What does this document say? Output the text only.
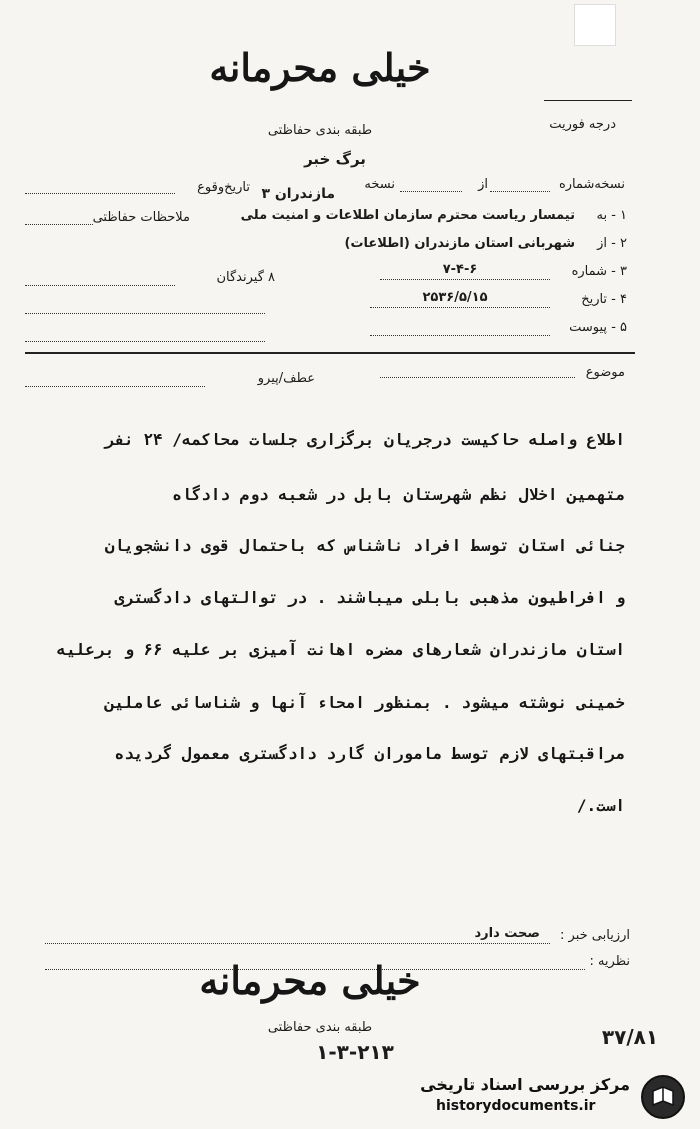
خیلی محرمانه
درجه فوریت
طبقه بندی حفاظتی
برگ خبر
نسخه‌شماره
از
نسخه
تاریخ‌وقوع
۱ - به
تیمسار ریاست محترم سازمان اطلاعات و امنیت ملی
مازندران ۳
ملاحظات حفاظتی
۲ - از
شهربانی استان مازندران (اطلاعات)
۳ - شماره
۷-۴-۶
۸ گیرندگان
۴ - تاریخ
۲۵۳۶/۵/۱۵
۵ - پیوست
موضوع
عطف/پیرو
اطلاع واصله حاکیست درجریان برگزاری جلسات محاکمه/ ۲۴ نفر
متهمین اخلال نظم شهرستان بابل در شعبه دوم دادگاه
جنائی استان توسط افراد ناشناس که باحتمال قوی دانشجویان
و افراطیون مذهبی بابلی میباشند . در توالتهای دادگستری
استان مازندران شعارهای مضره اهانت آمیزی بر علیه ۶۶ و برعلیه
خمینی نوشته میشود . بمنظور امحاء آنها و شناسائی عاملین
مراقبتهای لازم توسط ماموران گارد دادگستری معمول گردیده
است./
ارزیابی خبر :
صحت دارد
نظریه :
خیلی محرمانه
طبقه بندی حفاظتی
۱-۳-۲۱۳
۳۷/۸۱
مرکز بررسی اسناد تاریخی
historydocuments.ir
